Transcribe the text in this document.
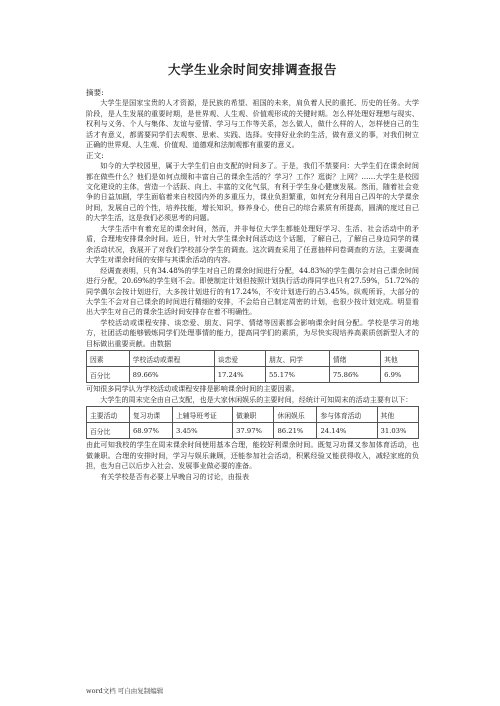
大学生业余时间安排调查报告
摘要:

大学生是国家宝贵的人才资源，是民族的希望、祖国的未来，肩负着人民的重托、历史的任务。大学阶段，是人生发展的重要时期，是世界观、人生观、价值观形成的关键时期。怎么样处理好理想与现实、权利与义务、个人与集体、友谊与爱情、学习与工作等关系，怎么做人，做什么样的人，怎样使自己的生活才有意义，都需要同学们去观察、思索、实践、选择。安排好业余的生活，做有意义的事，对我们树立正确的世界观、人生观、价值观、道德观和法制观都有重要的意义。

正文:

如今的大学校园里，属于大学生们自由支配的时间多了。于是，我们不禁要问：大学生们在课余时间都在做些什么？他们是如何点缀和丰富自己的课余生活的？学习？工作？逛街？上网？……大学生是校园文化建设的主体，营造一个活跃、向上、丰富的文化气氛，有利于学生身心健康发展。然而，随着社会竞争的日益加剧，学生面临着来自校园内外的多重压力，课业负担繁重，如何充分利用自己四年的大学课余时间，发展自己的个性，培养技能，增长知识，修养身心，使自己的综合素质有所提高，圆满的度过自己的大学生活，这是我们必须思考的问题。

大学生活中有着充足的课余时间，然而，并非每位大学生都能处理好学习、生活、社会活动中的矛盾，合理地安排课余时间。近日，针对大学生课余时间活动这个话题，了解自己，了解自己身边同学的课余活动状况，我展开了对我们学校部分学生的调查。这次调查采用了任意抽样问卷调查的方法，主要调查大学生对课余时间的安排与其课余活动的内容。

经调查表明，只有34.48%的学生对自己的课余时间进行分配，44.83%的学生偶尔会对自己课余时间进行分配，20.69%的学生则不会。即使制定计划但按照计划执行活动得同学也只有27.59%，51.72%的同学偶尔会按计划进行，大多按计划进行的有17.24%，不安计划进行的占3.45%。纵观所诉，大部分的大学生不会对自己课余的时间进行精细的安排，不会给自己制定周密的计划，也很少按计划完成。明显看出大学生对自己的课余生活时间安排存在着不明确性。

学校活动或课程安排、谈恋爱、朋友、同学、情绪等因素都会影响课余时间分配。学校是学习的地方，社团活动能够锻炼同学们处理事情的能力，提高同学们的素质，为尽快实现培养高素质创新型人才的目标做出重要贡献。由数据

因素	学校活动或课程	谈恋爱	朋友、同学	情绪	其他
百分比	89.66%	17.24%	55.17%	75.86%	6.9%

可知很多同学认为学校活动或课程安排是影响课余时间的主要因素。

大学生的周末完全由自己支配，也是大家休闲娱乐的主要时间，经统计可知周末的活动主要有以下：

主要活动	复习功课	上辅导班考证	做兼职	休闲娱乐	参与体育活动	其他
百分比	68.97%	3.45%	37.97%	86.21%	24.14%	31.03%

由此可知我校的学生在周末课余时间使用基本合理，能较好利课余时间。既复习功课又参加体育活动，也做兼职。合理的安排时间，学习与娱乐兼顾，还能参加社会活动，积累经验又能获得收入，减轻家庭的负担，也为自己以后步入社会、发展事业做必要的准备。

有关学校是否有必要上早晚自习的讨论，由报表

word文档 可自由复制编辑
